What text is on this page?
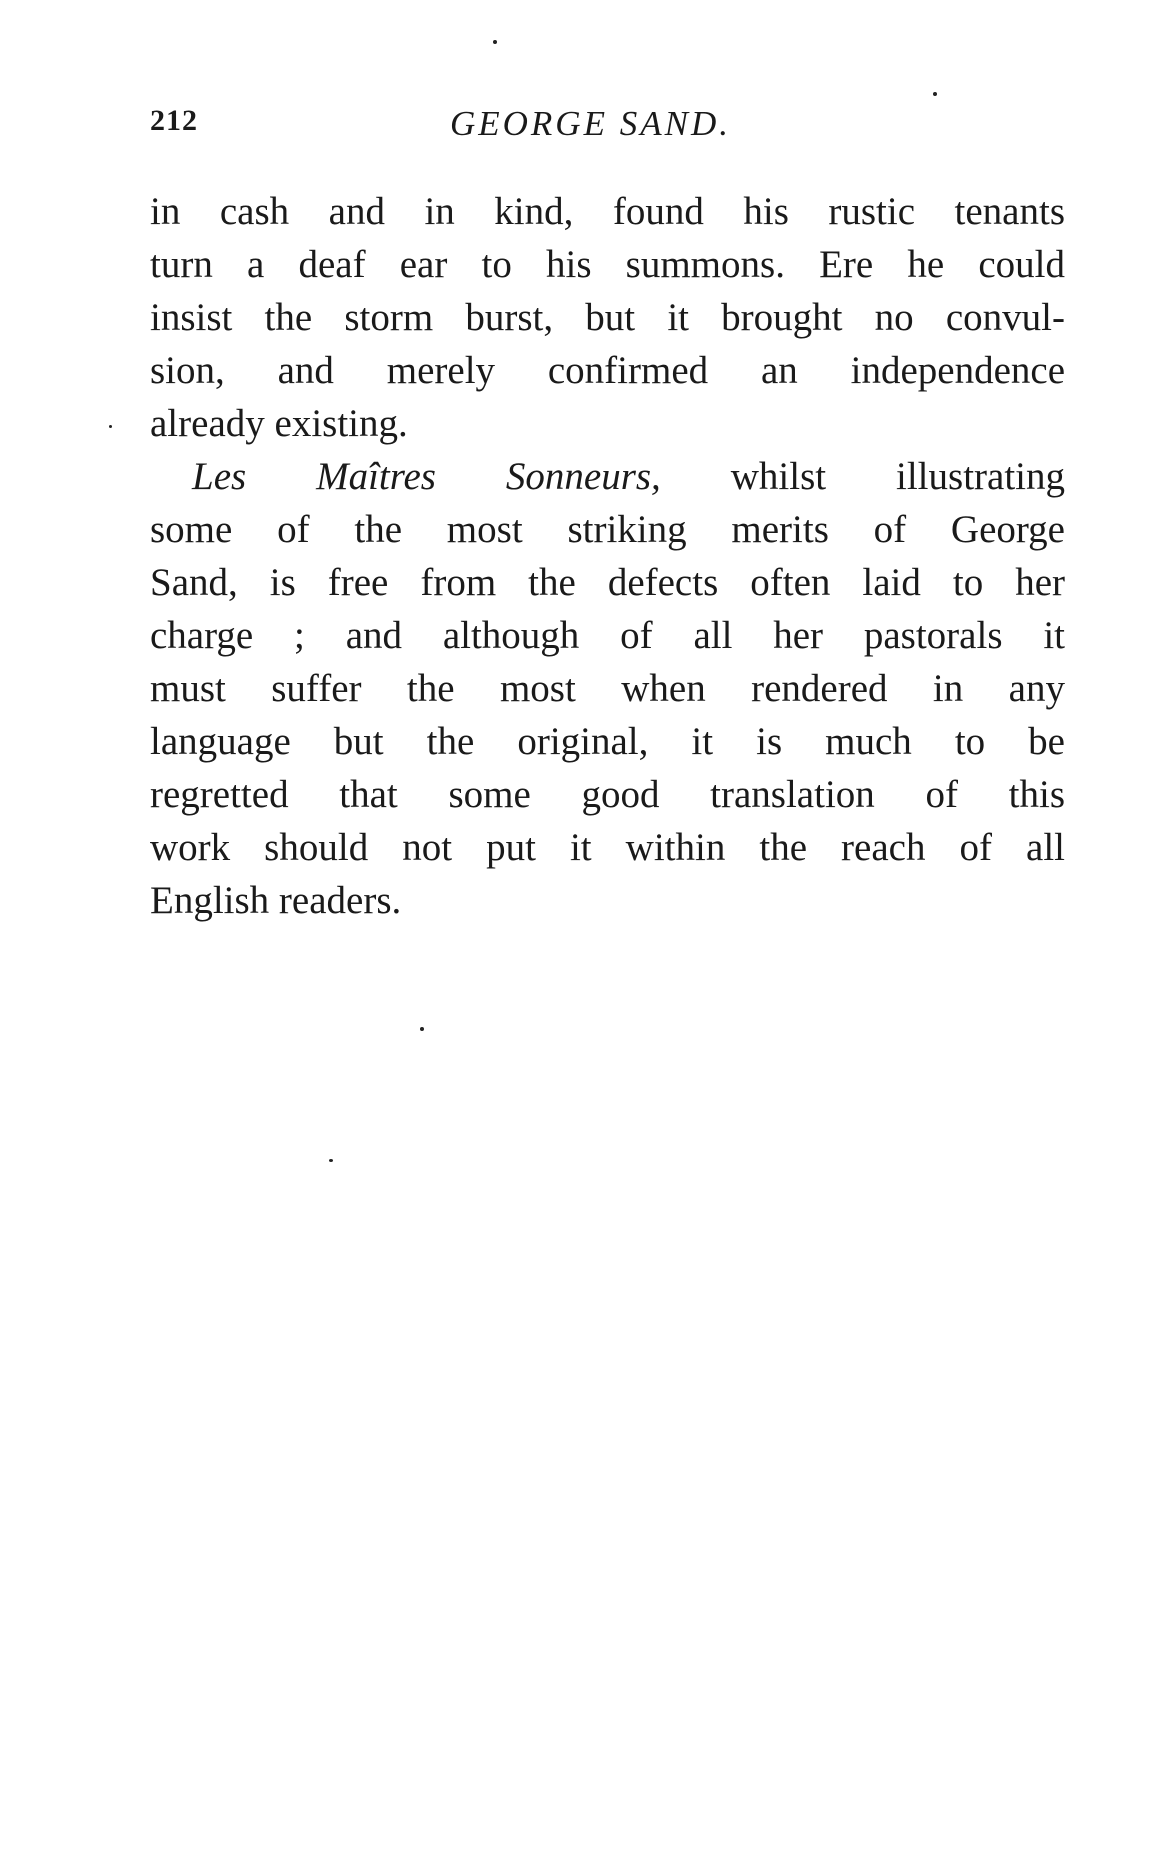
212	GEORGE SAND.
in cash and in kind, found his rustic tenants
turn a deaf ear to his summons. Ere he could
insist the storm burst, but it brought no convul-
sion, and merely confirmed an independence
already existing.
Les Maîtres Sonneurs, whilst illustrating
some of the most striking merits of George
Sand, is free from the defects often laid to her
charge ; and although of all her pastorals it
must suffer the most when rendered in any
language but the original, it is much to be
regretted that some good translation of this
work should not put it within the reach of all
English readers.
